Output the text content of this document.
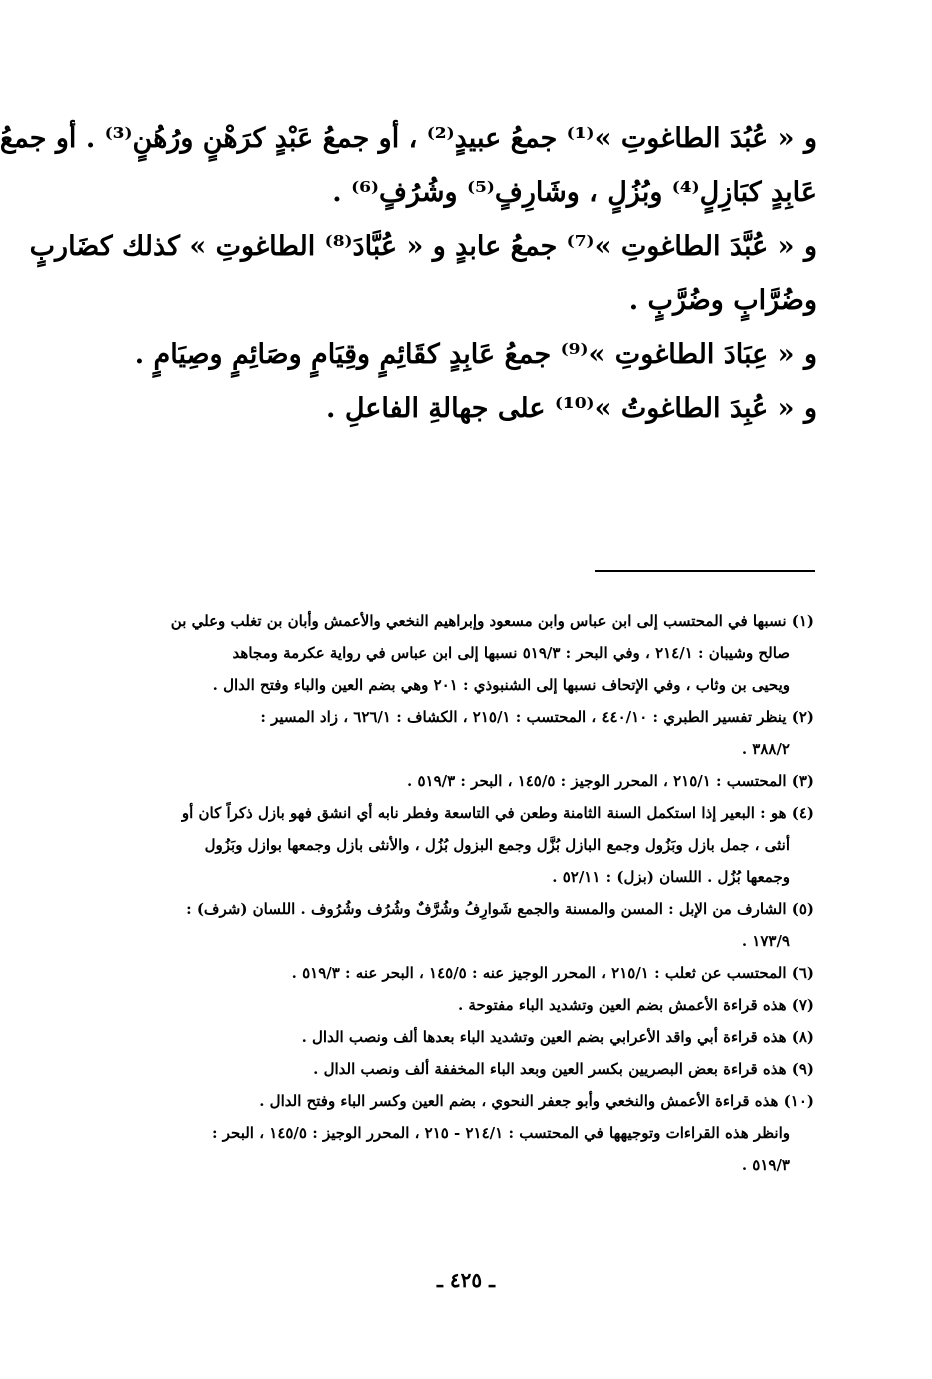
و « عُبُدَ الطاغوتِ »⁽¹⁾ جمعُ عبيدٍ⁽²⁾ ، أو جمعُ عَبْدٍ كرَهْنٍ ورُهُنٍ⁽³⁾ . أو جمعُ

عَابِدٍ كبَازِلٍ⁽⁴⁾ وبُزُلٍ ، وشَارِفٍ⁽⁵⁾ وشُرُفٍ⁽⁶⁾ .

و « عُبَّدَ الطاغوتِ »⁽⁷⁾ جمعُ عابدٍ و « عُبَّادَ⁽⁸⁾ الطاغوتِ » كذلك كضَاربٍ

وضُرَّابٍ وضُرَّبٍ .

و « عِبَادَ الطاغوتِ »⁽⁹⁾ جمعُ عَابِدٍ كقَائِمٍ وقِيَامٍ وصَائِمٍ وصِيَامٍ .

و « عُبِدَ الطاغوتُ »⁽¹⁰⁾ على جهالةِ الفاعلِ .

(١) نسبها في المحتسب إلى ابن عباس وابن مسعود وإبراهيم النخعي والأعمش وأبان بن تغلب وعلي بن
صالح وشيبان : ٢١٤/١ ، وفي البحر : ٥١٩/٣ نسبها إلى ابن عباس في رواية عكرمة ومجاهد
ويحيى بن وثاب ، وفي الإتحاف نسبها إلى الشنبوذي : ٢٠١ وهي بضم العين والباء وفتح الدال .
(٢) ينظر تفسير الطبري : ٤٤٠/١٠ ، المحتسب : ٢١٥/١ ، الكشاف : ٦٢٦/١ ، زاد المسير :
٣٨٨/٢ .
(٣) المحتسب : ٢١٥/١ ، المحرر الوجيز : ١٤٥/٥ ، البحر : ٥١٩/٣ .
(٤) هو : البعير إذا استكمل السنة الثامنة وطعن في التاسعة وفطر نابه أي انشق فهو بازل ذكراً كان أو
أنثى ، جمل بازل وبَزُول وجمع البازل بُزَّل وجمع البزول بُزُل ، والأنثى بازل وجمعها بوازل وبَزُول
وجمعها بُزُل . اللسان (بزل) : ٥٢/١١ .
(٥) الشارف من الإبل : المسن والمسنة والجمع شَوارِفُ وشُرَّفٌ وشُرُف وشُرُوف . اللسان (شرف) :
١٧٣/٩ .
(٦) المحتسب عن ثعلب : ٢١٥/١ ، المحرر الوجيز عنه : ١٤٥/٥ ، البحر عنه : ٥١٩/٣ .
(٧) هذه قراءة الأعمش بضم العين وتشديد الباء مفتوحة .
(٨) هذه قراءة أبي واقد الأعرابي بضم العين وتشديد الباء بعدها ألف ونصب الدال .
(٩) هذه قراءة بعض البصريين بكسر العين وبعد الباء المخففة ألف ونصب الدال .
(١٠) هذه قراءة الأعمش والنخعي وأبو جعفر النحوي ، بضم العين وكسر الباء وفتح الدال .
وانظر هذه القراءات وتوجيهها في المحتسب : ٢١٤/١ - ٢١٥ ، المحرر الوجيز : ١٤٥/٥ ، البحر :
٥١٩/٣ .
ـ ٤٢٥ ـ
